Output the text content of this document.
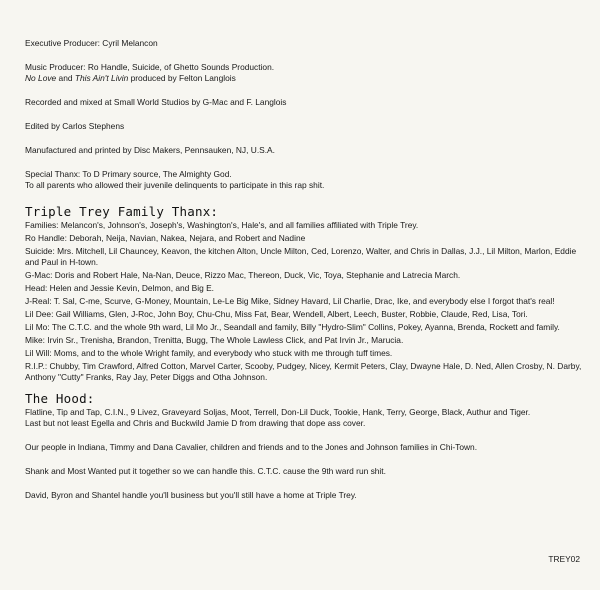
Executive Producer: Cyril Melancon
Music Producer: Ro Handle, Suicide, of Ghetto Sounds Production.
No Love and This Ain't Livin produced by Felton Langlois
Recorded and mixed at Small World Studios by G-Mac and F. Langlois
Edited by Carlos Stephens
Manufactured and printed by Disc Makers, Pennsauken, NJ, U.S.A.
Special Thanx: To D Primary source, The Almighty God.
To all parents who allowed their juvenile delinquents to participate in this rap shit.
Triple Trey Family Thanx:
Families: Melancon's, Johnson's, Joseph's, Washington's, Hale's, and all families affiliated with Triple Trey.
Ro Handle: Deborah, Neija, Navian, Nakea, Nejara, and Robert and Nadine
Suicide: Mrs. Mitchell, Lil Chauncey, Keavon, the kitchen Alton, Uncle Milton, Ced, Lorenzo, Walter, and Chris in Dallas, J.J., Lil Milton, Marlon, Eddie and Paul in H-town.
G-Mac: Doris and Robert Hale, Na-Nan, Deuce, Rizzo Mac, Thereon, Duck, Vic, Toya, Stephanie and Latrecia March.
Head: Helen and Jessie Kevin, Delmon, and Big E.
J-Real: T. Sal, C-me, Scurve, G-Money, Mountain, Le-Le Big Mike, Sidney Havard, Lil Charlie, Drac, Ike, and everybody else I forgot that's real!
Lil Dee: Gail Williams, Glen, J-Roc, John Boy, Chu-Chu, Miss Fat, Bear, Wendell, Albert, Leech, Buster, Robbie, Claude, Red, Lisa, Tori.
Lil Mo: The C.T.C. and the whole 9th ward, Lil Mo Jr., Seandall and family, Billy "Hydro-Slim" Collins, Pokey, Ayanna, Brenda, Rockett and family.
Mike: Irvin Sr., Trenisha, Brandon, Trenitta, Bugg, The Whole Lawless Click, and Pat Irvin Jr., Marucia.
Lil Will: Moms, and to the whole Wright family, and everybody who stuck with me through tuff times.
R.I.P.: Chubby, Tim Crawford, Alfred Cotton, Marvel Carter, Scooby, Pudgey, Nicey, Kermit Peters, Clay, Dwayne Hale, D. Ned, Allen Crosby, N. Darby, Anthony "Cutty" Franks, Ray Jay, Peter Diggs and Otha Johnson.
The Hood:
Flatline, Tip and Tap, C.I.N., 9 Livez, Graveyard Soljas, Moot, Terrell, Don-Lil Duck, Tookie, Hank, Terry, George, Black, Authur and Tiger.
Last but not least Egella and Chris and Buckwild Jamie D from drawing that dope ass cover.
Our people in Indiana, Timmy and Dana Cavalier, children and friends and to the Jones and Johnson families in Chi-Town.
Shank and Most Wanted put it together so we can handle this. C.T.C. cause the 9th ward run shit.
David, Byron and Shantel handle you'll business but you'll still have a home at Triple Trey.
TREY02
